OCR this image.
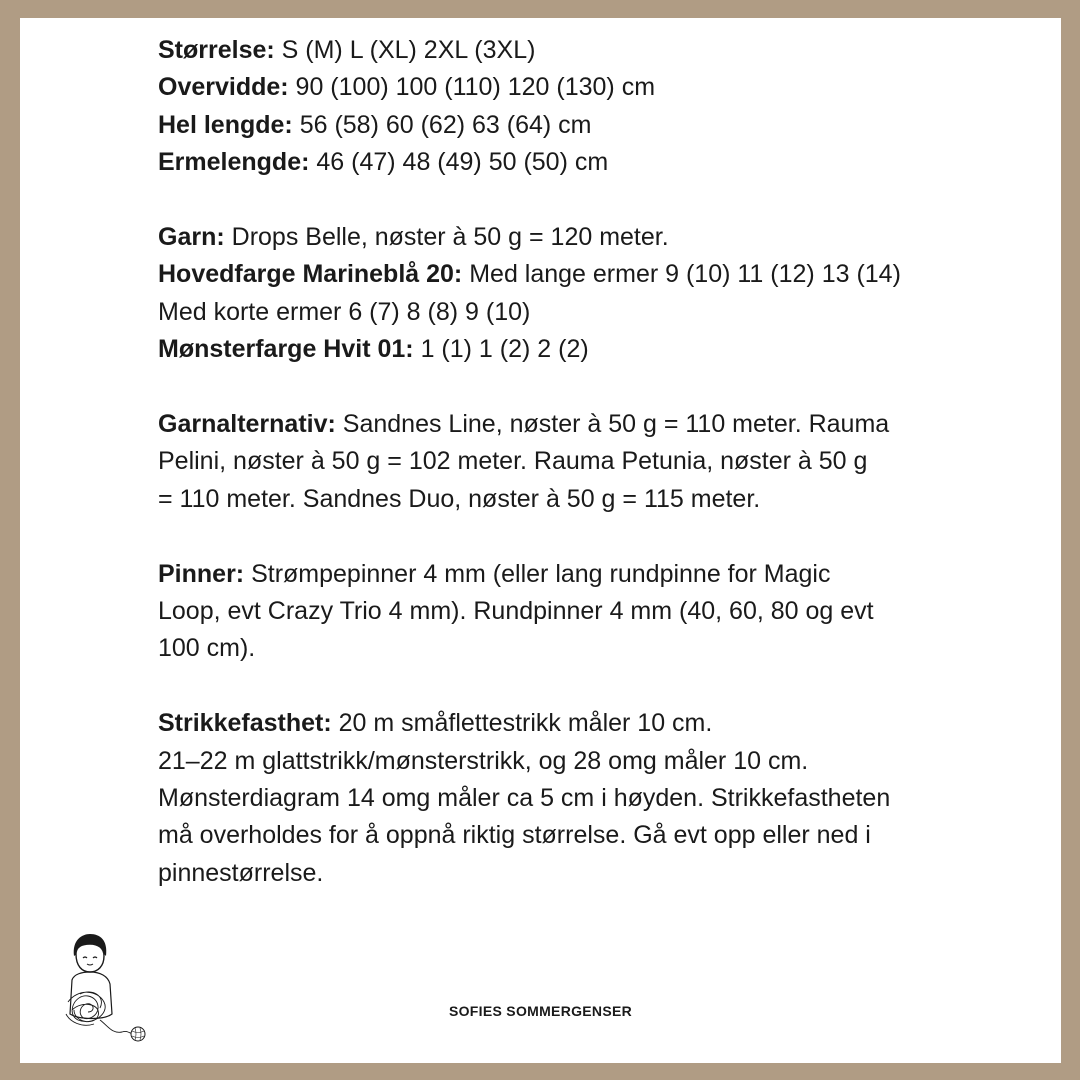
Størrelse: S (M) L (XL) 2XL (3XL)
Overvidde: 90 (100) 100 (110) 120 (130) cm
Hel lengde: 56 (58) 60 (62) 63 (64) cm
Ermelengde: 46 (47) 48 (49) 50 (50) cm
Garn: Drops Belle, nøster à 50 g = 120 meter.
Hovedfarge Marineblå 20: Med lange ermer 9 (10) 11 (12) 13 (14)
Med korte ermer 6 (7) 8 (8) 9 (10)
Mønsterfarge Hvit 01: 1 (1) 1 (2) 2 (2)
Garnalternativ: Sandnes Line, nøster à 50 g = 110 meter. Rauma
Pelini, nøster à 50 g = 102 meter. Rauma Petunia, nøster à 50 g
= 110 meter. Sandnes Duo, nøster à 50 g = 115 meter.
Pinner: Strømpepinner 4 mm (eller lang rundpinne for Magic
Loop, evt Crazy Trio 4 mm). Rundpinner 4 mm (40, 60, 80 og evt
100 cm).
Strikkefasthet: 20 m småflettestrikk måler 10 cm.
21–22 m glattstrikk/mønsterstrikk, og 28 omg måler 10 cm.
Mønsterdiagram 14 omg måler ca 5 cm i høyden. Strikkefastheten
må overholdes for å oppnå riktig størrelse. Gå evt opp eller ned i
pinnestørrelse.
SOFIES SOMMERGENSER
